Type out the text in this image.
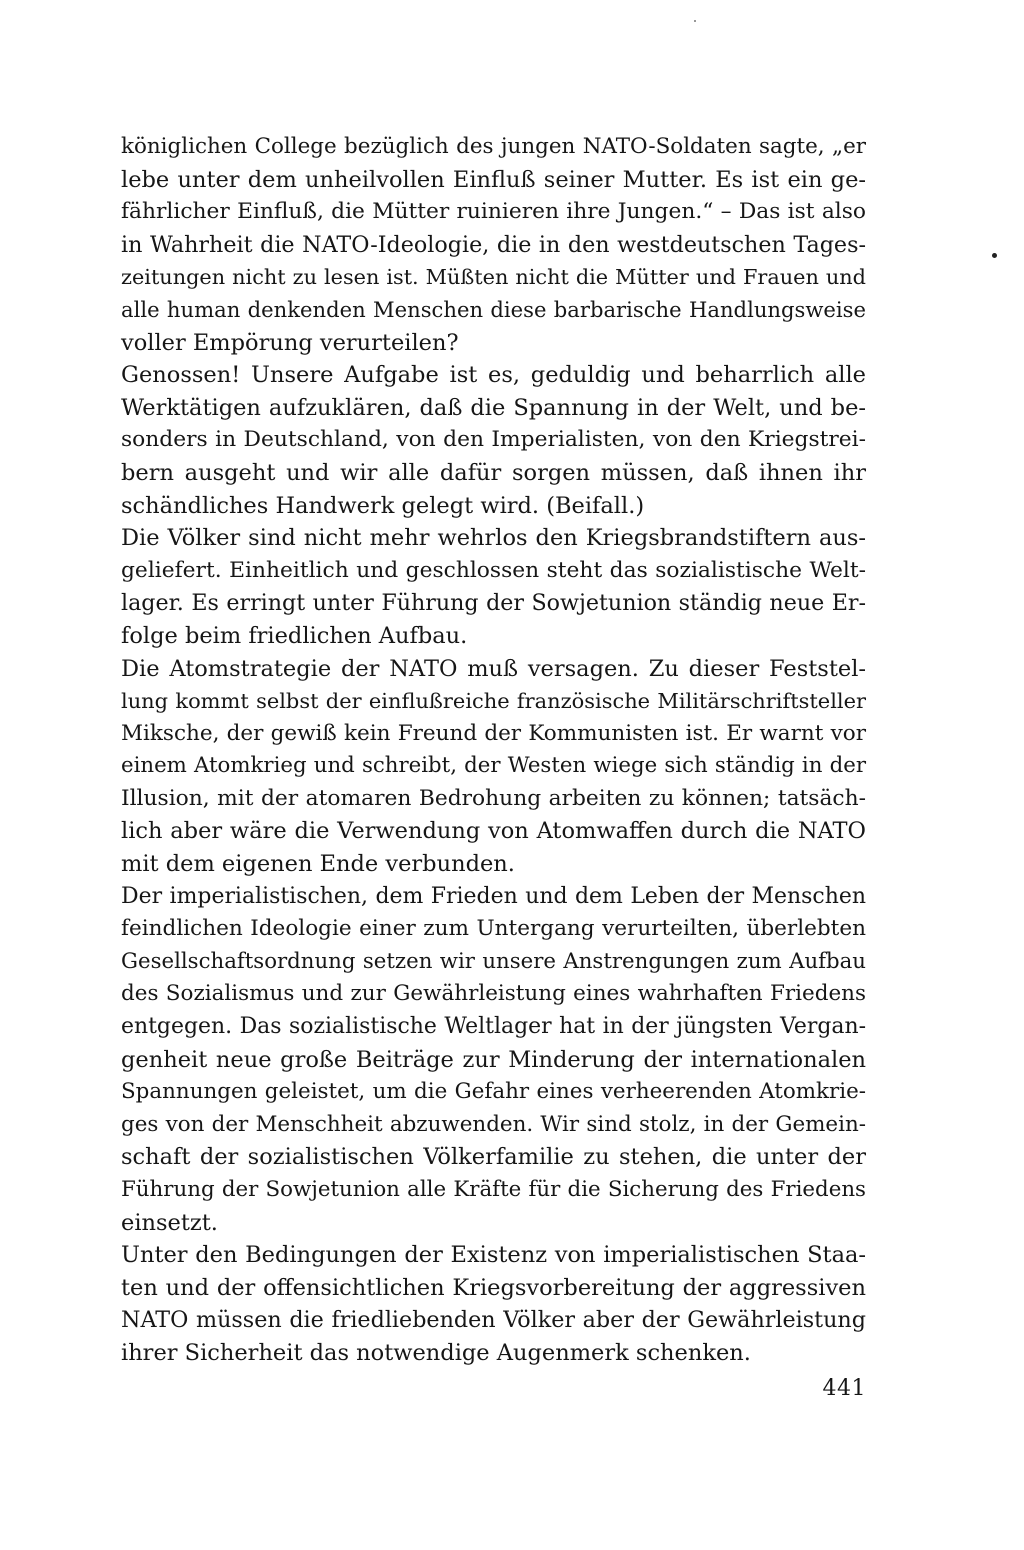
königlichen College bezüglich des jungen NATO-Soldaten sagte, „er
lebe unter dem unheilvollen Einfluß seiner Mutter. Es ist ein ge-
fährlicher Einfluß, die Mütter ruinieren ihre Jungen.“ – Das ist also
in Wahrheit die NATO-Ideologie, die in den westdeutschen Tages-
zeitungen nicht zu lesen ist. Müßten nicht die Mütter und Frauen und
alle human denkenden Menschen diese barbarische Handlungsweise
voller Empörung verurteilen?
Genossen! Unsere Aufgabe ist es, geduldig und beharrlich alle
Werktätigen aufzuklären, daß die Spannung in der Welt, und be-
sonders in Deutschland, von den Imperialisten, von den Kriegstrei-
bern ausgeht und wir alle dafür sorgen müssen, daß ihnen ihr
schändliches Handwerk gelegt wird. (Beifall.)
Die Völker sind nicht mehr wehrlos den Kriegsbrandstiftern aus-
geliefert. Einheitlich und geschlossen steht das sozialistische Welt-
lager. Es erringt unter Führung der Sowjetunion ständig neue Er-
folge beim friedlichen Aufbau.
Die Atomstrategie der NATO muß versagen. Zu dieser Feststel-
lung kommt selbst der einflußreiche französische Militärschriftsteller
Miksche, der gewiß kein Freund der Kommunisten ist. Er warnt vor
einem Atomkrieg und schreibt, der Westen wiege sich ständig in der
Illusion, mit der atomaren Bedrohung arbeiten zu können; tatsäch-
lich aber wäre die Verwendung von Atomwaffen durch die NATO
mit dem eigenen Ende verbunden.
Der imperialistischen, dem Frieden und dem Leben der Menschen
feindlichen Ideologie einer zum Untergang verurteilten, überlebten
Gesellschaftsordnung setzen wir unsere Anstrengungen zum Aufbau
des Sozialismus und zur Gewährleistung eines wahrhaften Friedens
entgegen. Das sozialistische Weltlager hat in der jüngsten Vergan-
genheit neue große Beiträge zur Minderung der internationalen
Spannungen geleistet, um die Gefahr eines verheerenden Atomkrie-
ges von der Menschheit abzuwenden. Wir sind stolz, in der Gemein-
schaft der sozialistischen Völkerfamilie zu stehen, die unter der
Führung der Sowjetunion alle Kräfte für die Sicherung des Friedens
einsetzt.
Unter den Bedingungen der Existenz von imperialistischen Staa-
ten und der offensichtlichen Kriegsvorbereitung der aggressiven
NATO müssen die friedliebenden Völker aber der Gewährleistung
ihrer Sicherheit das notwendige Augenmerk schenken.
441
